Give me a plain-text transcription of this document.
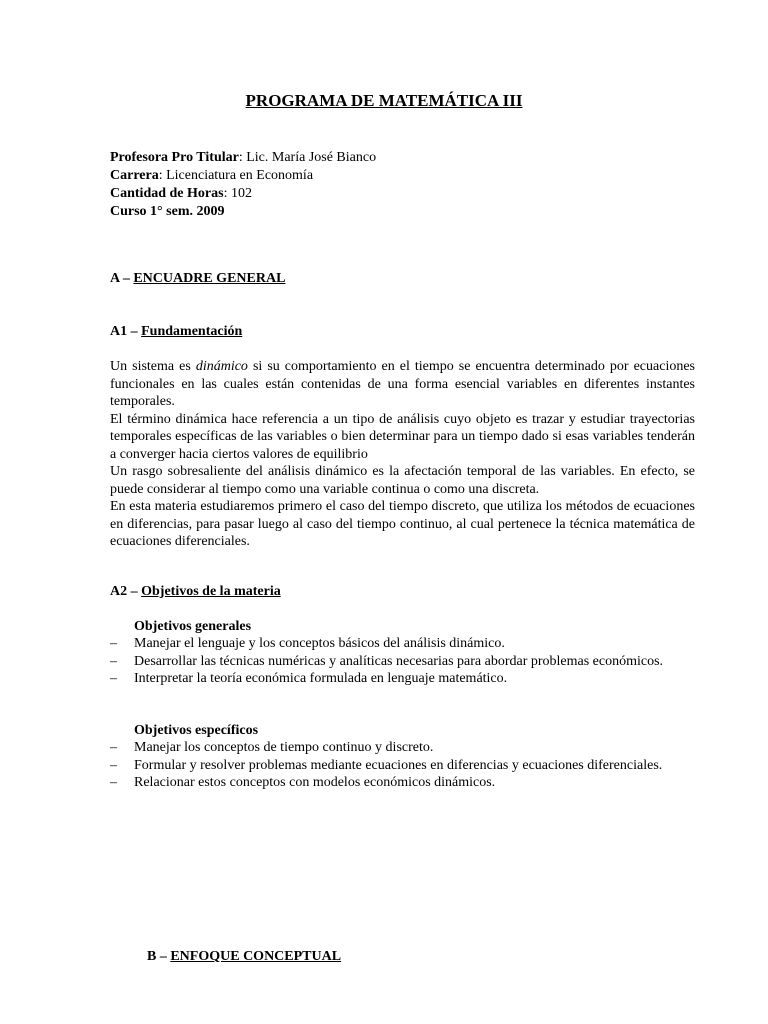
PROGRAMA DE MATEMÁTICA III
Profesora Pro Titular: Lic. María José Bianco
Carrera: Licenciatura en Economía
Cantidad de Horas: 102
Curso 1° sem. 2009
A – ENCUADRE GENERAL
A1 – Fundamentación

Un sistema es dinámico si su comportamiento en el tiempo se encuentra determinado por ecuaciones funcionales en las cuales están contenidas de una forma esencial variables en diferentes instantes temporales.

El término dinámica hace referencia a un tipo de análisis cuyo objeto es trazar y estudiar trayectorias temporales específicas de las variables o bien determinar para un tiempo dado si esas variables tenderán a converger hacia ciertos valores de equilibrio

Un rasgo sobresaliente del análisis dinámico es la afectación temporal de las variables. En efecto, se puede considerar al tiempo como una variable continua o como una discreta.

En esta materia estudiaremos primero el caso del tiempo discreto, que utiliza los métodos de ecuaciones en diferencias, para pasar luego al caso del tiempo continuo, al cual pertenece la técnica matemática de ecuaciones diferenciales.

A2 – Objetivos de la materia
Objetivos generales
– Manejar el lenguaje y los conceptos básicos del análisis dinámico.
– Desarrollar las técnicas numéricas y analíticas necesarias para abordar problemas económicos.
– Interpretar la teoría económica formulada en lenguaje matemático.
Objetivos específicos
– Manejar los conceptos de tiempo continuo y discreto.
– Formular y resolver problemas mediante ecuaciones en diferencias y ecuaciones diferenciales.
– Relacionar estos conceptos con modelos económicos dinámicos.
B – ENFOQUE CONCEPTUAL
